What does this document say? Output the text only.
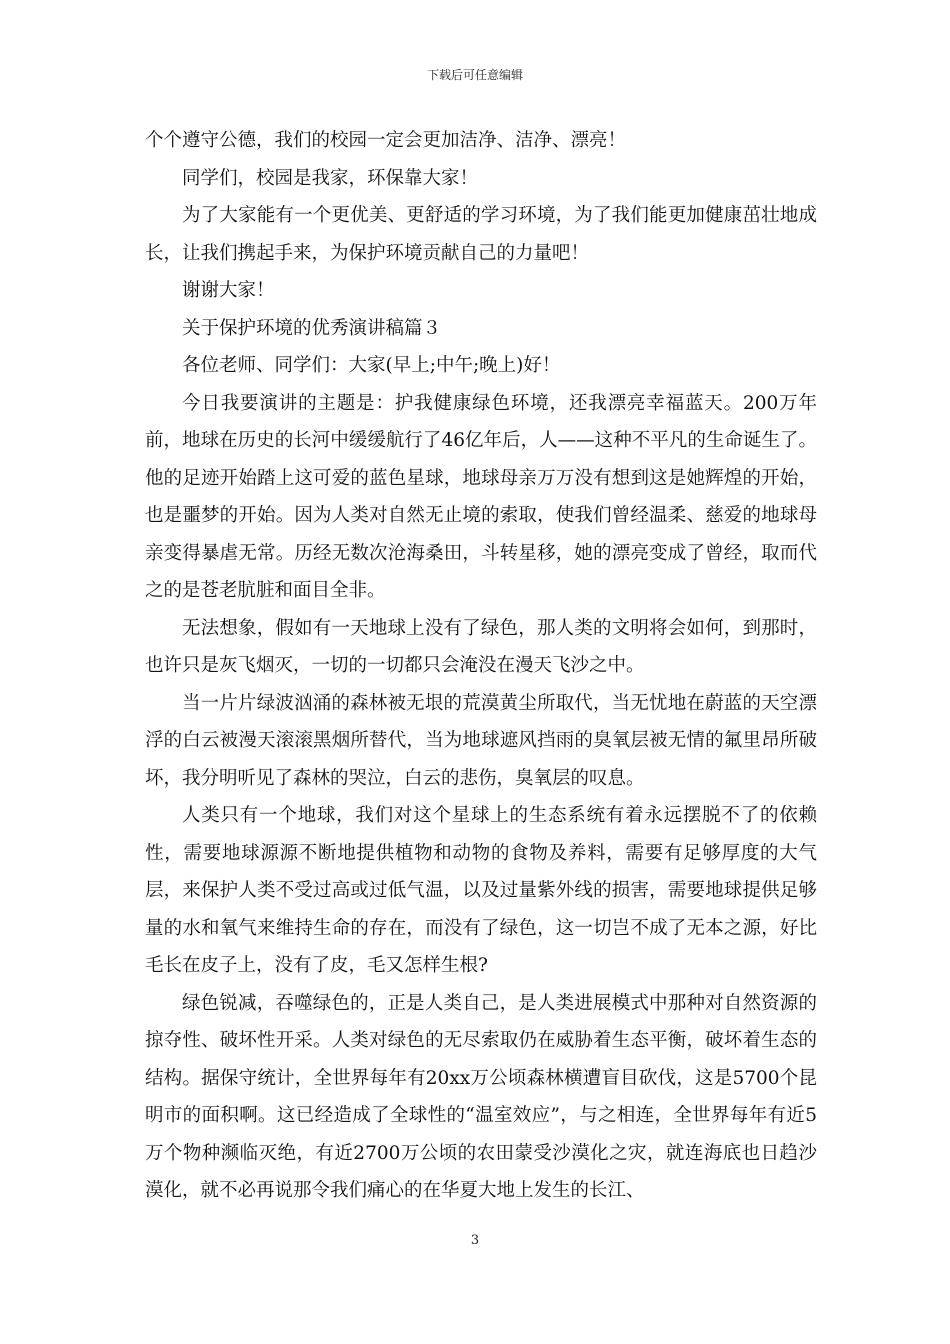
下载后可任意编辑

个个遵守公德，我们的校园一定会更加洁净、洁净、漂亮！

同学们，校园是我家，环保靠大家！

为了大家能有一个更优美、更舒适的学习环境，为了我们能更加健康茁壮地成长，让我们携起手来，为保护环境贡献自己的力量吧！

谢谢大家！

关于保护环境的优秀演讲稿篇３

各位老师、同学们：大家(早上;中午;晚上)好！

今日我要演讲的主题是：护我健康绿色环境，还我漂亮幸福蓝天。200万年前，地球在历史的长河中缓缓航行了46亿年后，人——这种不平凡的生命诞生了。他的足迹开始踏上这可爱的蓝色星球，地球母亲万万没有想到这是她辉煌的开始，也是噩梦的开始。因为人类对自然无止境的索取，使我们曾经温柔、慈爱的地球母亲变得暴虐无常。历经无数次沧海桑田，斗转星移，她的漂亮变成了曾经，取而代之的是苍老肮脏和面目全非。

无法想象，假如有一天地球上没有了绿色，那人类的文明将会如何，到那时，也许只是灰飞烟灭，一切的一切都只会淹没在漫天飞沙之中。

当一片片绿波汹涌的森林被无垠的荒漠黄尘所取代，当无忧地在蔚蓝的天空漂浮的白云被漫天滚滚黑烟所替代，当为地球遮风挡雨的臭氧层被无情的氟里昂所破坏，我分明听见了森林的哭泣，白云的悲伤，臭氧层的叹息。

人类只有一个地球，我们对这个星球上的生态系统有着永远摆脱不了的依赖性，需要地球源源不断地提供植物和动物的食物及养料，需要有足够厚度的大气层，来保护人类不受过高或过低气温，以及过量紫外线的损害，需要地球提供足够量的水和氧气来维持生命的存在，而没有了绿色，这一切岂不成了无本之源，好比毛长在皮子上，没有了皮，毛又怎样生根?

绿色锐减，吞噬绿色的，正是人类自己，是人类进展模式中那种对自然资源的掠夺性、破坏性开采。人类对绿色的无尽索取仍在威胁着生态平衡，破坏着生态的结构。据保守统计，全世界每年有20xx万公顷森林横遭盲目砍伐，这是5700个昆明市的面积啊。这已经造成了全球性的“温室效应”，与之相连，全世界每年有近5万个物种濒临灭绝，有近2700万公顷的农田蒙受沙漠化之灾，就连海底也日趋沙漠化，就不必再说那令我们痛心的在华夏大地上发生的长江、

3
